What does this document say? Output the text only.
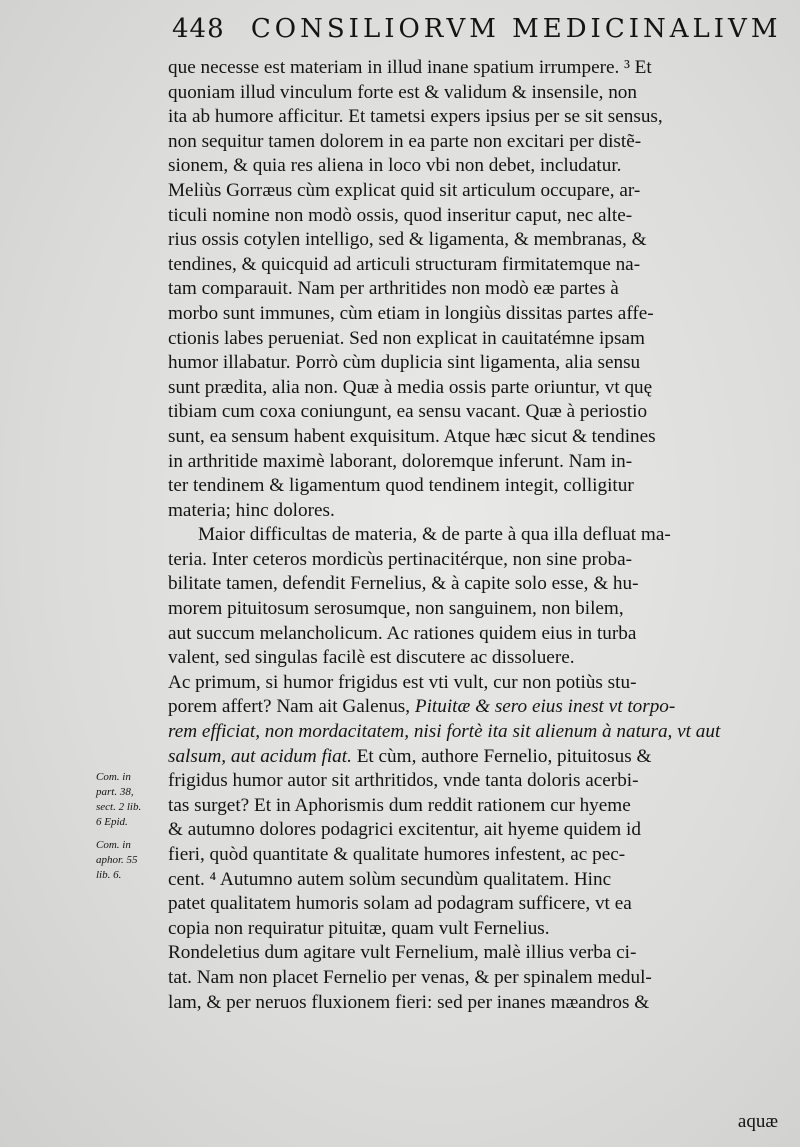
448 CONSILIORVM MEDICINALIVM
que necesse est materiam in illud inane spatium irrumpere. ³ Et
quoniam illud vinculum forte est & validum & insensile, non
ita ab humore afficitur. Et tametsi expers ipsius per se sit sensus,
non sequitur tamen dolorem in ea parte non excitari per distẽ-
sionem, & quia res aliena in loco vbi non debet, includatur.
Meliùs Gorræus cùm explicat quid sit articulum occupare, ar-
ticuli nomine non modò ossis, quod inseritur caput, nec alte-
rius ossis cotylen intelligo, sed & ligamenta, & membranas, &
tendines, & quicquid ad articuli structuram firmitatemque na-
tam comparauit. Nam per arthritides non modò eæ partes à
morbo sunt immunes, cùm etiam in longiùs dissitas partes affe-
ctionis labes perueniat. Sed non explicat in cauitatémne ipsam
humor illabatur. Porrò cùm duplicia sint ligamenta, alia sensu
sunt prædita, alia non. Quæ à media ossis parte oriuntur, vt quę
tibiam cum coxa coniungunt, ea sensu vacant. Quæ à periostio
sunt, ea sensum habent exquisitum. Atque hæc sicut & tendines
in arthritide maximè laborant, doloremque inferunt. Nam in-
ter tendinem & ligamentum quod tendinem integit, colligitur
materia; hinc dolores.
Maior difficultas de materia, & de parte à qua illa defluat ma-
teria. Inter ceteros mordicùs pertinacitérque, non sine proba-
bilitate tamen, defendit Fernelius, & à capite solo esse, & hu-
morem pituitosum serosumque, non sanguinem, non bilem,
aut succum melancholicum. Ac rationes quidem eius in turba
valent, sed singulas facilè est discutere ac dissoluere.
Ac primum, si humor frigidus est vti vult, cur non potiùs stu-
porem affert? Nam ait Galenus, Pituitæ & sero eius inest vt torpo-
rem efficiat, non mordacitatem, nisi fortè ita sit alienum à natura, vt aut
salsum, aut acidum fiat. Et cùm, authore Fernelio, pituitosus &
frigidus humor autor sit arthritidos, vnde tanta doloris acerbi-
tas surget? Et in Aphorismis dum reddit rationem cur hyeme
& autumno dolores podagrici excitentur, ait hyeme quidem id
fieri, quòd quantitate & qualitate humores infestent, ac pec-
cent. ⁴ Autumno autem solùm secundùm qualitatem. Hinc
patet qualitatem humoris solam ad podagram sufficere, vt ea
copia non requiratur pituitæ, quam vult Fernelius.
Rondeletius dum agitare vult Fernelium, malè illius verba ci-
tat. Nam non placet Fernelio per venas, & per spinalem medul-
lam, & per neruos fluxionem fieri: sed per inanes mæandros &
Com. in
part. 38,
sect. 2 lib.
6 Epid.
Com. in
aphor. 55
lib. 6.
aquæ
